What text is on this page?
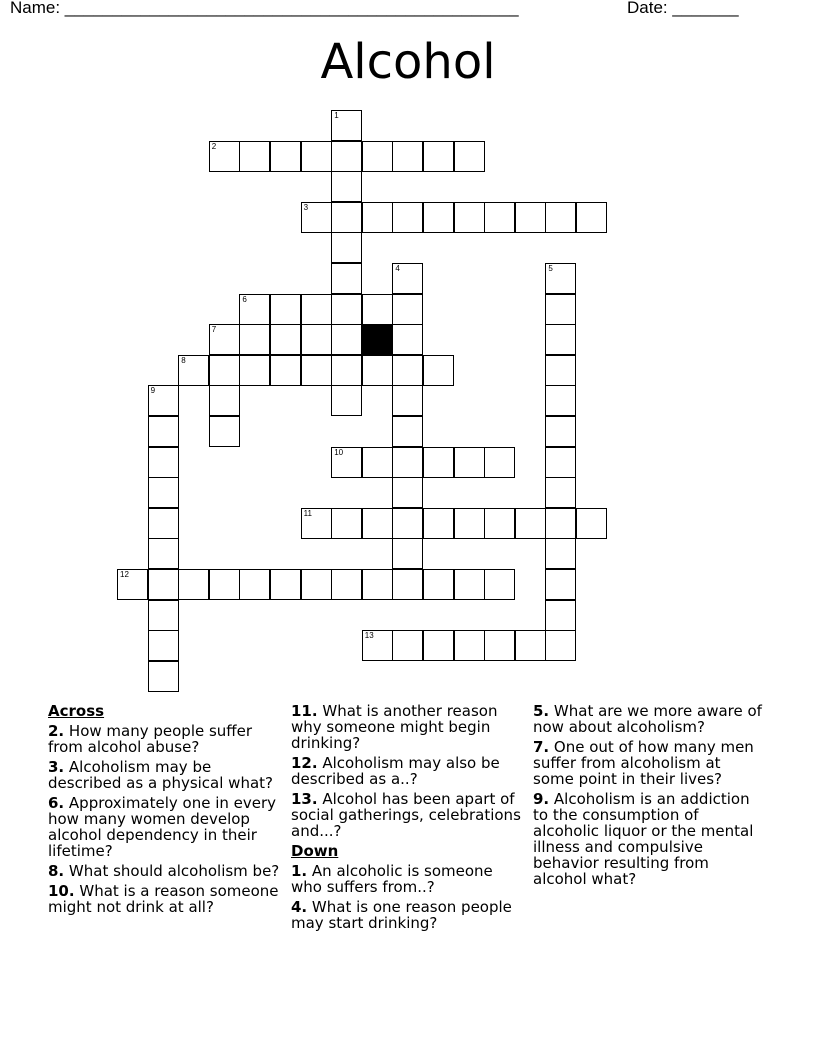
Name: ________________________________________________	Date: _______
Alcohol
2
3
6
8
10
11
12
13
1
4	5
7
9
Across
2. How many people suffer from alcohol abuse?
3. Alcoholism may be described as a physical what?
6. Approximately one in every how many women develop alcohol dependency in their lifetime?
8. What should alcoholism be?
10. What is a reason someone might not drink at all?
11. What is another reason why someone might begin drinking?
12. Alcoholism may also be described as a..?
13. Alcohol has been apart of social gatherings, celebrations and...?
Down
1. An alcoholic is someone who suffers from..?
4. What is one reason people may start drinking?
5. What are we more aware of now about alcoholism?
7. One out of how many men suffer from alcoholism at some point in their lives?
9. Alcoholism is an addiction to the consumption of alcoholic liquor or the mental illness and compulsive behavior resulting from alcohol what?
